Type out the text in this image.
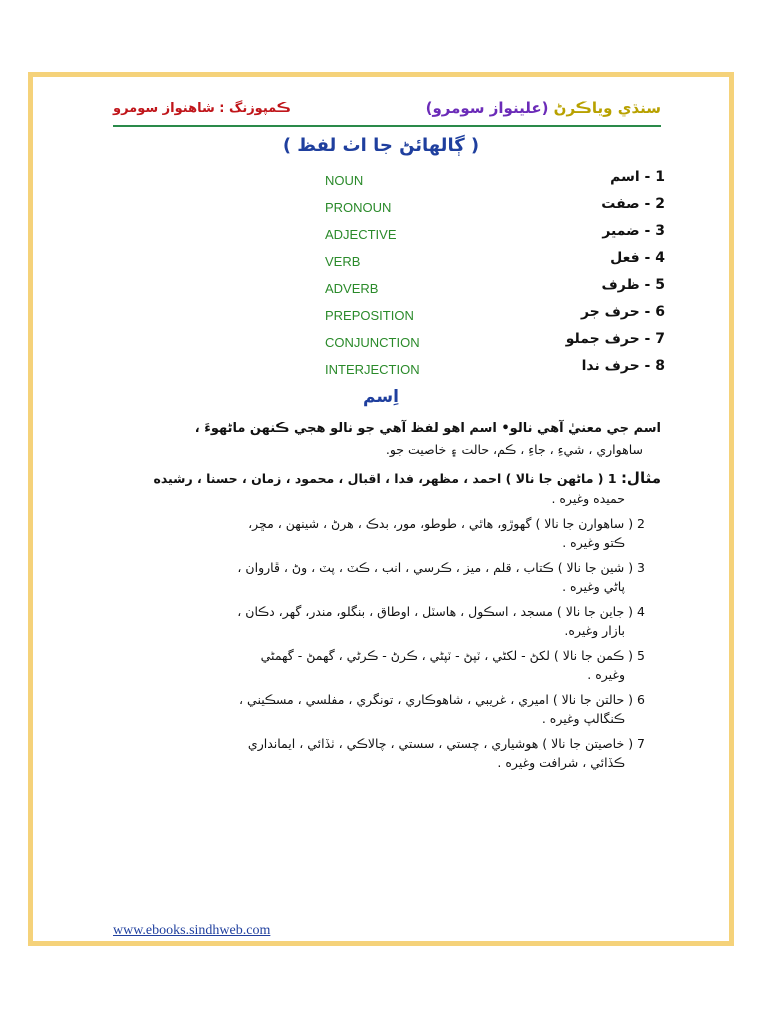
سنڌي وياڪرڻ (علينواز سومرو)
ڪمپوزنگ : شاهنواز سومرو
( ڳالهائڻ جا اٺ لفظ )
NOUN	1 - اسم
PRONOUN	2 - صفت
ADJECTIVE	3 - ضمير
VERB	4 - فعل
ADVERB	5 - ظرف
PREPOSITION	6 - حرف جر
CONJUNCTION	7 - حرف جملو
INTERJECTION	8 - حرف ندا
اِسم

اسم جي معنيٰ آهي نالو• اسم اهو لفظ آهي جو نالو هجي ڪنهن ماڻهوءَ ،

ساهواري ، شيءِ ، جاءِ ، ڪم، حالت ۽ خاصيت جو.

مثال: 1 ( ماڻهن جا نالا ) احمد ، مظهر، فدا ، اقبال ، محمود ، زمان ، حسنا ، رشيده

حميده وغيره .

2 ( ساهوارن جا نالا ) گهوڙو، هاٿي ، طوطو، مور، بدڪ ، هرڻ ، شينهن ، مڇر،

ڪتو وغيره .

3 ( شين جا نالا ) ڪتاب ، قلم ، ميز ، ڪرسي ، انب ، ڪٽ ، پٽ ، وڻ ، ڦاروان ،

پاڻي وغيره .

4 ( جاين جا نالا ) مسجد ، اسڪول ، هاسٽل ، اوطاق ، بنگلو، مندر، گهر، دڪان ،

بازار وغيره.

5 ( ڪمن جا نالا ) لکڻ - لکڻي ، ٽپڻ - ٽپڻي ، ڪرڻ - ڪرڻي ، گهمڻ - گهمڻي

وغيره .

6 ( حالتن جا نالا ) اميري ، غريبي ، شاهوڪاري ، تونگري ، مفلسي ، مسڪيني ،

ڪنگالپ وغيره .

7 ( خاصيتن جا نالا ) هوشياري ، چستي ، سستي ، چالاڪي ، ٺڏائي ، ايمانداري

ڪڏائي ، شرافت وغيره .

www.ebooks.sindhweb.com
